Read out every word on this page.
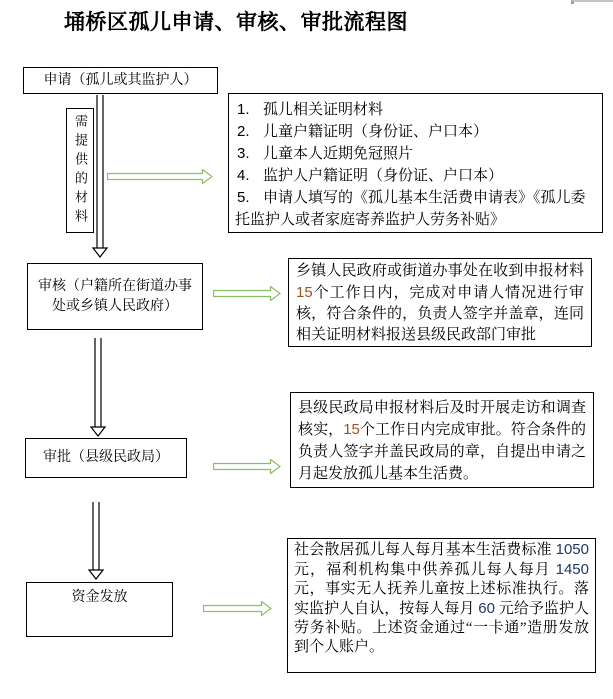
埇桥区孤儿申请、审核、审批流程图
申请（孤儿或其监护人）
需提供的材料
审核（户籍所在街道办事处或乡镇人民政府）
审批（县级民政局）
资金发放
1. 孤儿相关证明材料
2. 儿童户籍证明（身份证、户口本）
3. 儿童本人近期免冠照片
4. 监护人户籍证明（身份证、户口本）
5. 申请人填写的《孤儿基本生活费申请表》《孤儿委托监护人或者家庭寄养监护人劳务补贴》
乡镇人民政府或街道办事处在收到申报材料15个工作日内，完成对申请人情况进行审核，符合条件的，负责人签字并盖章，连同相关证明材料报送县级民政部门审批
县级民政局申报材料后及时开展走访和调查核实，15个工作日内完成审批。符合条件的负责人签字并盖民政局的章，自提出申请之月起发放孤儿基本生活费。
社会散居孤儿每人每月基本生活费标准 1050 元，福利机构集中供养孤儿每人每月 1450 元，事实无人抚养儿童按上述标准执行。落实监护人自认，按每人每月 60 元给予监护人劳务补贴。上述资金通过“一卡通”造册发放到个人账户。
